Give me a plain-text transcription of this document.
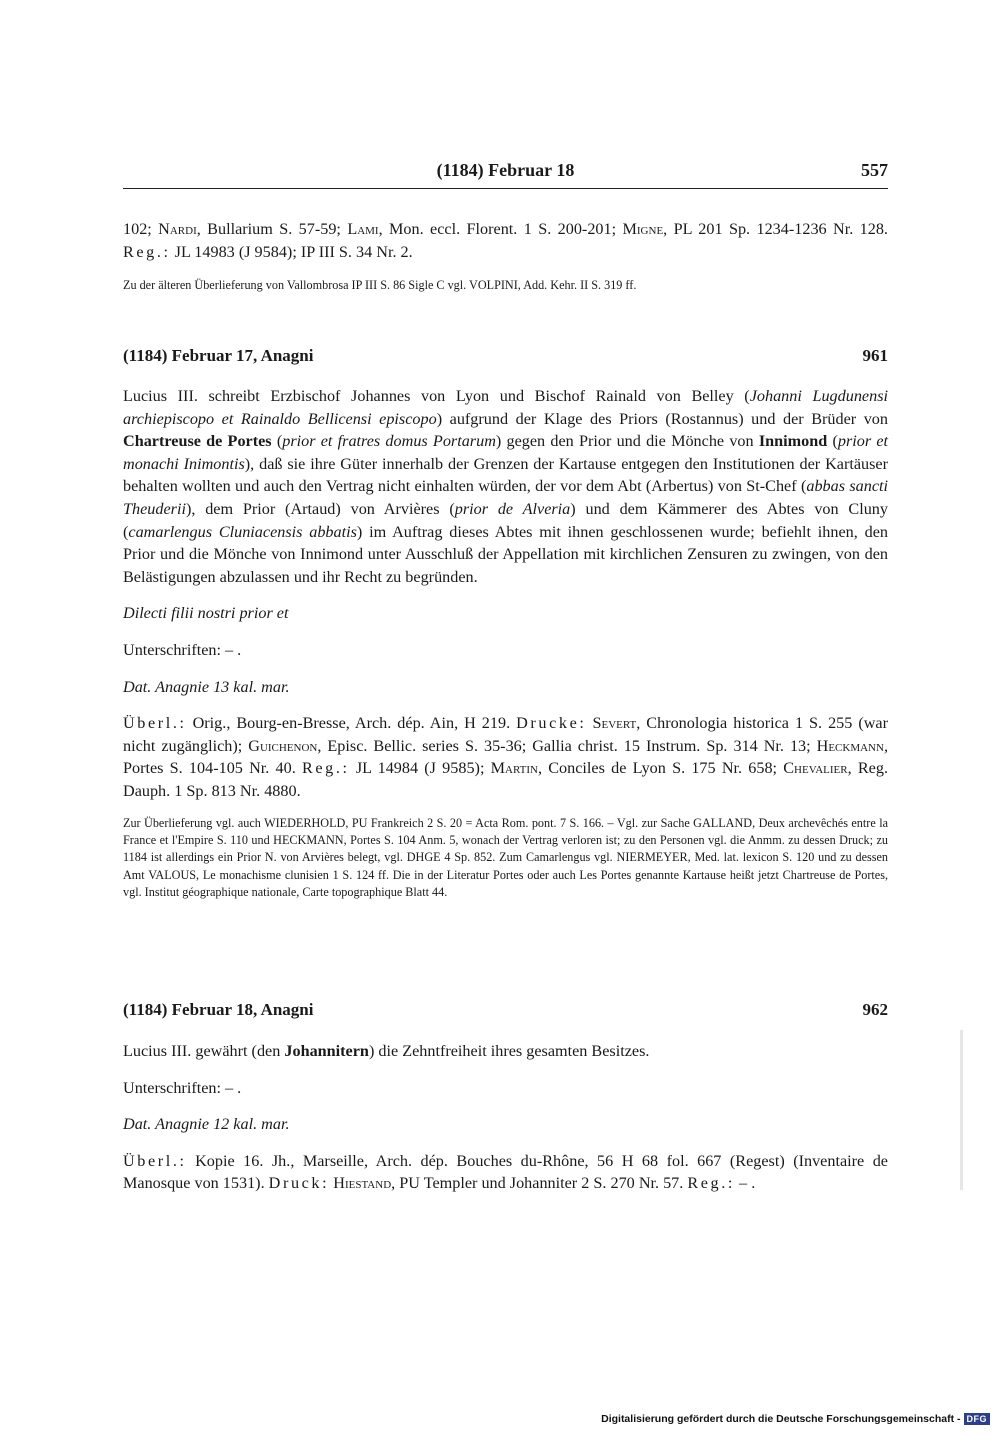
(1184) Februar 18	557

102; Nardi, Bullarium S. 57-59; Lami, Mon. eccl. Florent. 1 S. 200-201; Migne, PL 201 Sp. 1234-1236 Nr. 128. Reg.: JL 14983 (J 9584); IP III S. 34 Nr. 2.

Zu der älteren Überlieferung von Vallombrosa IP III S. 86 Sigle C vgl. VOLPINI, Add. Kehr. II S. 319 ff.

(1184) Februar 17, Anagni	961

Lucius III. schreibt Erzbischof Johannes von Lyon und Bischof Rainald von Belley (Johanni Lugdunensi archiepiscopo et Rainaldo Bellicensi episcopo) aufgrund der Klage des Priors (Rostannus) und der Brüder von Chartreuse de Portes (prior et fratres domus Portarum) gegen den Prior und die Mönche von Innimond (prior et monachi Inimontis), daß sie ihre Güter innerhalb der Grenzen der Kartause entgegen den Institutionen der Kartäuser behalten wollten und auch den Vertrag nicht einhalten würden, der vor dem Abt (Arbertus) von St-Chef (abbas sancti Theuderii), dem Prior (Artaud) von Arvières (prior de Alveria) und dem Kämmerer des Abtes von Cluny (camarlengus Cluniacensis abbatis) im Auftrag dieses Abtes mit ihnen geschlossenen wurde; befiehlt ihnen, den Prior und die Mönche von Innimond unter Ausschluß der Appellation mit kirchlichen Zensuren zu zwingen, von den Belästigungen abzulassen und ihr Recht zu begründen.

Dilecti filii nostri prior et

Unterschriften: – .

Dat. Anagnie 13 kal. mar.

Überl.: Orig., Bourg-en-Bresse, Arch. dép. Ain, H 219. Drucke: Severt, Chronologia historica 1 S. 255 (war nicht zugänglich); Guichenon, Episc. Bellic. series S. 35-36; Gallia christ. 15 Instrum. Sp. 314 Nr. 13; Heckmann, Portes S. 104-105 Nr. 40. Reg.: JL 14984 (J 9585); Martin, Conciles de Lyon S. 175 Nr. 658; Chevalier, Reg. Dauph. 1 Sp. 813 Nr. 4880.

Zur Überlieferung vgl. auch WIEDERHOLD, PU Frankreich 2 S. 20 = Acta Rom. pont. 7 S. 166. – Vgl. zur Sache GALLAND, Deux archevêchés entre la France et l'Empire S. 110 und HECKMANN, Portes S. 104 Anm. 5, wonach der Vertrag verloren ist; zu den Personen vgl. die Anmm. zu dessen Druck; zu 1184 ist allerdings ein Prior N. von Arvières belegt, vgl. DHGE 4 Sp. 852. Zum Camarlengus vgl. NIERMEYER, Med. lat. lexicon S. 120 und zu dessen Amt VALOUS, Le monachisme clunisien 1 S. 124 ff. Die in der Literatur Portes oder auch Les Portes genannte Kartause heißt jetzt Chartreuse de Portes, vgl. Institut géographique nationale, Carte topographique Blatt 44.

(1184) Februar 18, Anagni	962

Lucius III. gewährt (den Johannitern) die Zehntfreiheit ihres gesamten Besitzes.

Unterschriften: – .

Dat. Anagnie 12 kal. mar.

Überl.: Kopie 16. Jh., Marseille, Arch. dép. Bouches du-Rhône, 56 H 68 fol. 667 (Regest) (Inventaire de Manosque von 1531). Druck: Hiestand, PU Templer und Johanniter 2 S. 270 Nr. 57. Reg.: – .

Digitalisierung gefördert durch die Deutsche Forschungsgemeinschaft - DFG
